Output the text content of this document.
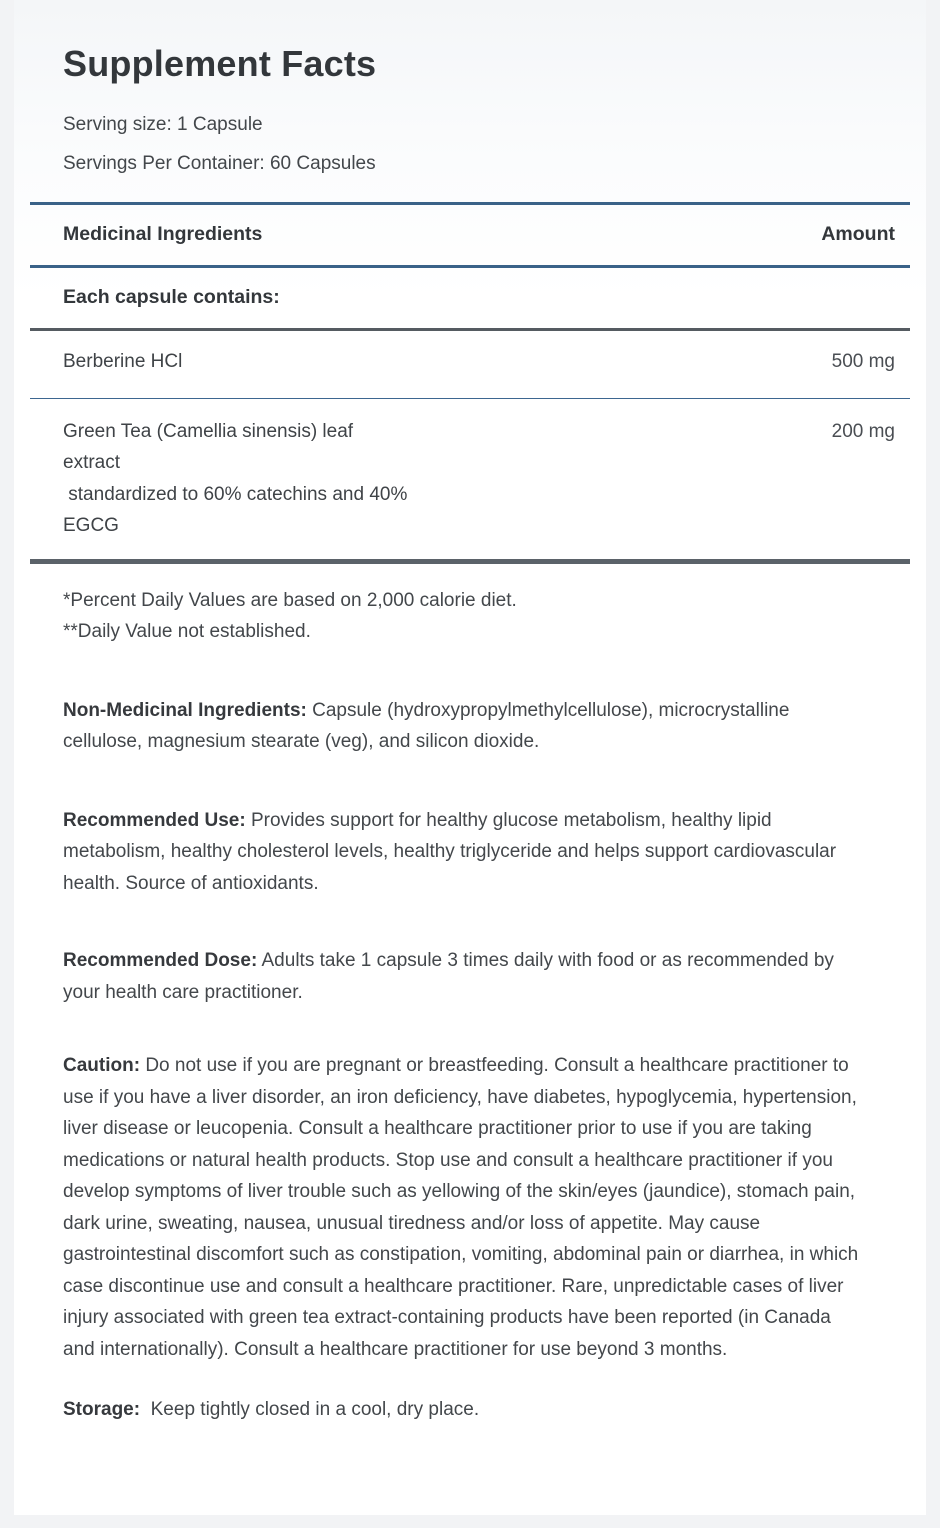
Supplement Facts

Serving size: 1 Capsule

Servings Per Container: 60 Capsules

Medicinal Ingredients	Amount
Each capsule contains:
Berberine HCl	500 mg
Green Tea (Camellia sinensis) leaf extract
standardized to 60% catechins and 40% EGCG
200 mg

*Percent Daily Values are based on 2,000 calorie diet.

**Daily Value not established.

Non-Medicinal Ingredients: Capsule (hydroxypropylmethylcellulose), microcrystalline cellulose, magnesium stearate (veg), and silicon dioxide.

Recommended Use: Provides support for healthy glucose metabolism, healthy lipid metabolism, healthy cholesterol levels, healthy triglyceride and helps support cardiovascular health. Source of antioxidants.

Recommended Dose: Adults take 1 capsule 3 times daily with food or as recommended by your health care practitioner.

Caution: Do not use if you are pregnant or breastfeeding. Consult a healthcare practitioner to use if you have a liver disorder, an iron deficiency, have diabetes, hypoglycemia, hypertension, liver disease or leucopenia. Consult a healthcare practitioner prior to use if you are taking medications or natural health products. Stop use and consult a healthcare practitioner if you develop symptoms of liver trouble such as yellowing of the skin/eyes (jaundice), stomach pain, dark urine, sweating, nausea, unusual tiredness and/or loss of appetite. May cause gastrointestinal discomfort such as constipation, vomiting, abdominal pain or diarrhea, in which case discontinue use and consult a healthcare practitioner. Rare, unpredictable cases of liver injury associated with green tea extract-containing products have been reported (in Canada and internationally). Consult a healthcare practitioner for use beyond 3 months.

Storage:  Keep tightly closed in a cool, dry place.
